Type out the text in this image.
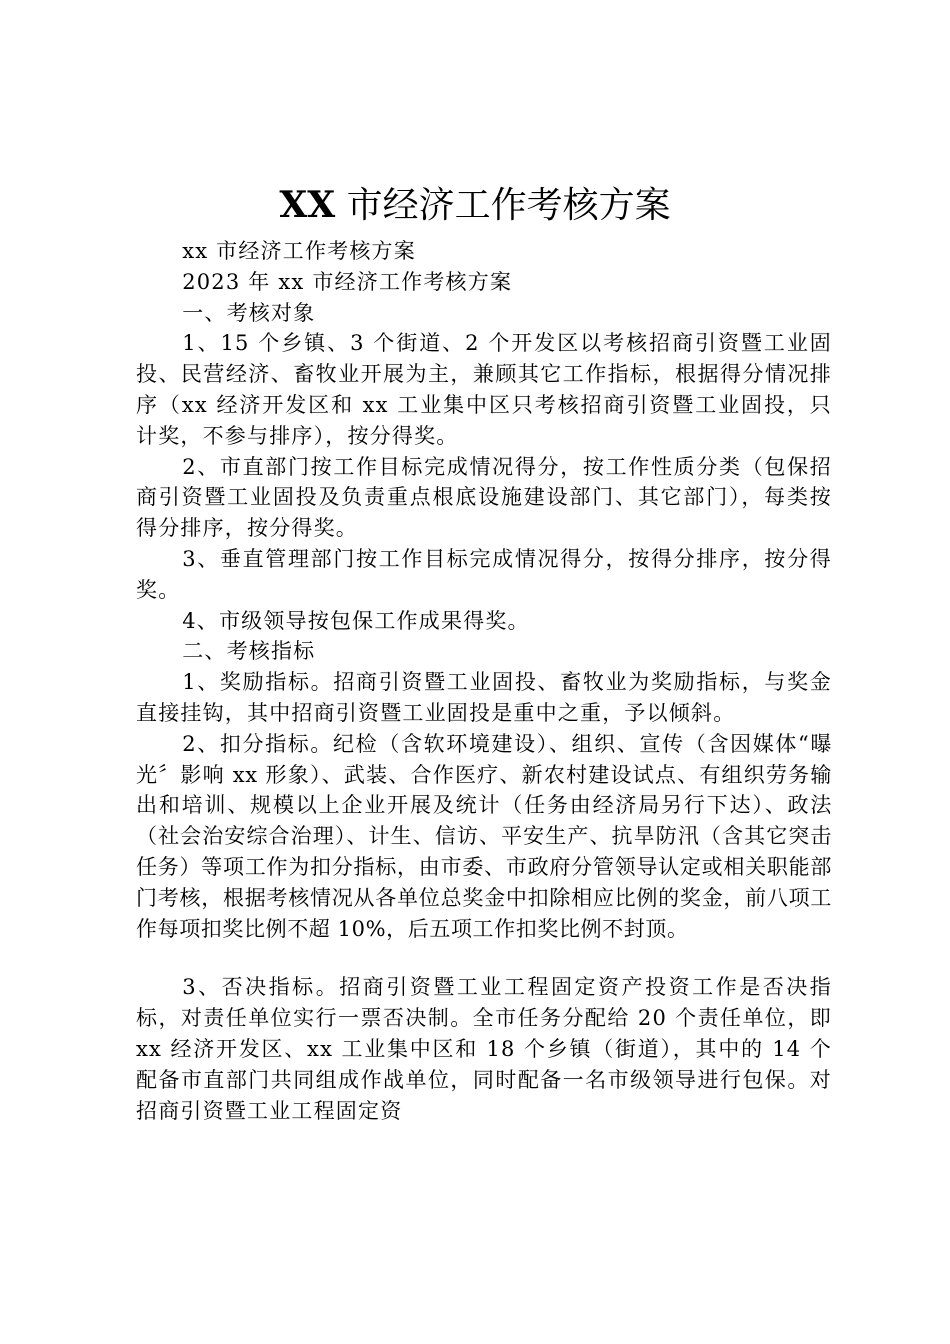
XX 市经济工作考核方案

xx 市经济工作考核方案

2023 年 xx 市经济工作考核方案

一、考核对象

1、15 个乡镇、3 个街道、2 个开发区以考核招商引资暨工业固投、民营经济、畜牧业开展为主，兼顾其它工作指标，根据得分情况排序（xx 经济开发区和 xx 工业集中区只考核招商引资暨工业固投，只计奖，不参与排序），按分得奖。

2、市直部门按工作目标完成情况得分，按工作性质分类（包保招商引资暨工业固投及负责重点根底设施建设部门、其它部门），每类按得分排序，按分得奖。

3、垂直管理部门按工作目标完成情况得分，按得分排序，按分得奖。

4、市级领导按包保工作成果得奖。

二、考核指标

1、奖励指标。招商引资暨工业固投、畜牧业为奖励指标，与奖金直接挂钩，其中招商引资暨工业固投是重中之重，予以倾斜。

2、扣分指标。纪检（含软环境建设）、组织、宣传（含因媒体“曝光〞影响 xx 形象）、武装、合作医疗、新农村建设试点、有组织劳务输出和培训、规模以上企业开展及统计（任务由经济局另行下达）、政法（社会治安综合治理）、计生、信访、平安生产、抗旱防汛（含其它突击任务）等项工作为扣分指标，由市委、市政府分管领导认定或相关职能部门考核，根据考核情况从各单位总奖金中扣除相应比例的奖金，前八项工作每项扣奖比例不超 10%，后五项工作扣奖比例不封顶。

3、否决指标。招商引资暨工业工程固定资产投资工作是否决指标，对责任单位实行一票否决制。全市任务分配给 20 个责任单位，即 xx 经济开发区、xx 工业集中区和 18 个乡镇（街道），其中的 14 个配备市直部门共同组成作战单位，同时配备一名市级领导进行包保。对招商引资暨工业工程固定资
